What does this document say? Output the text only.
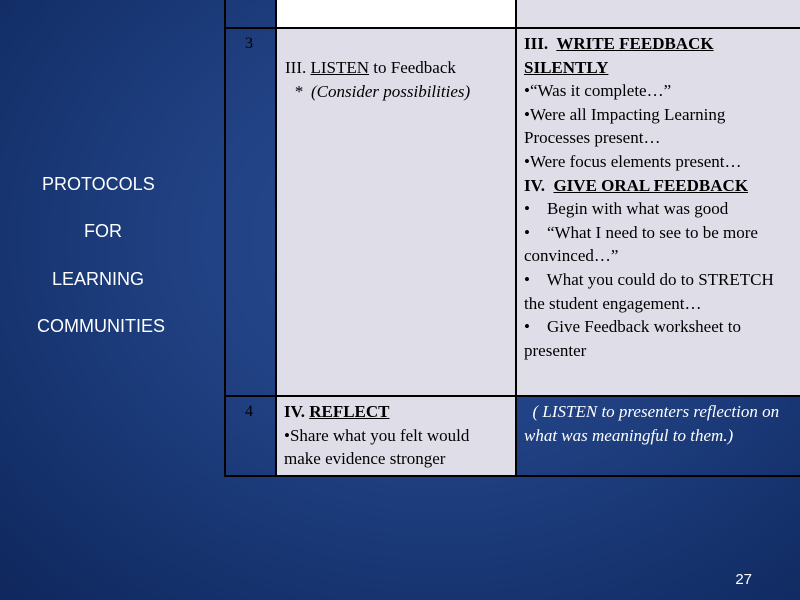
PROTOCOLS
FOR
LEARNING
COMMUNITIES
3
4
III. LISTEN to Feedback
*  (Consider possibilities)
III. WRITE FEEDBACK
SILENTLY
•“Was it complete…”
•Were all Impacting Learning Processes present…
•Were focus elements present…
IV. GIVE ORAL FEEDBACK
•    Begin with what was good
•    “What I need to see to be more convinced…”
•    What you could do to STRETCH the student engagement…
•    Give Feedback worksheet to presenter
IV. REFLECT
•Share what you felt would make evidence stronger
( LISTEN to presenters reflection on what was meaningful to them.)
27
